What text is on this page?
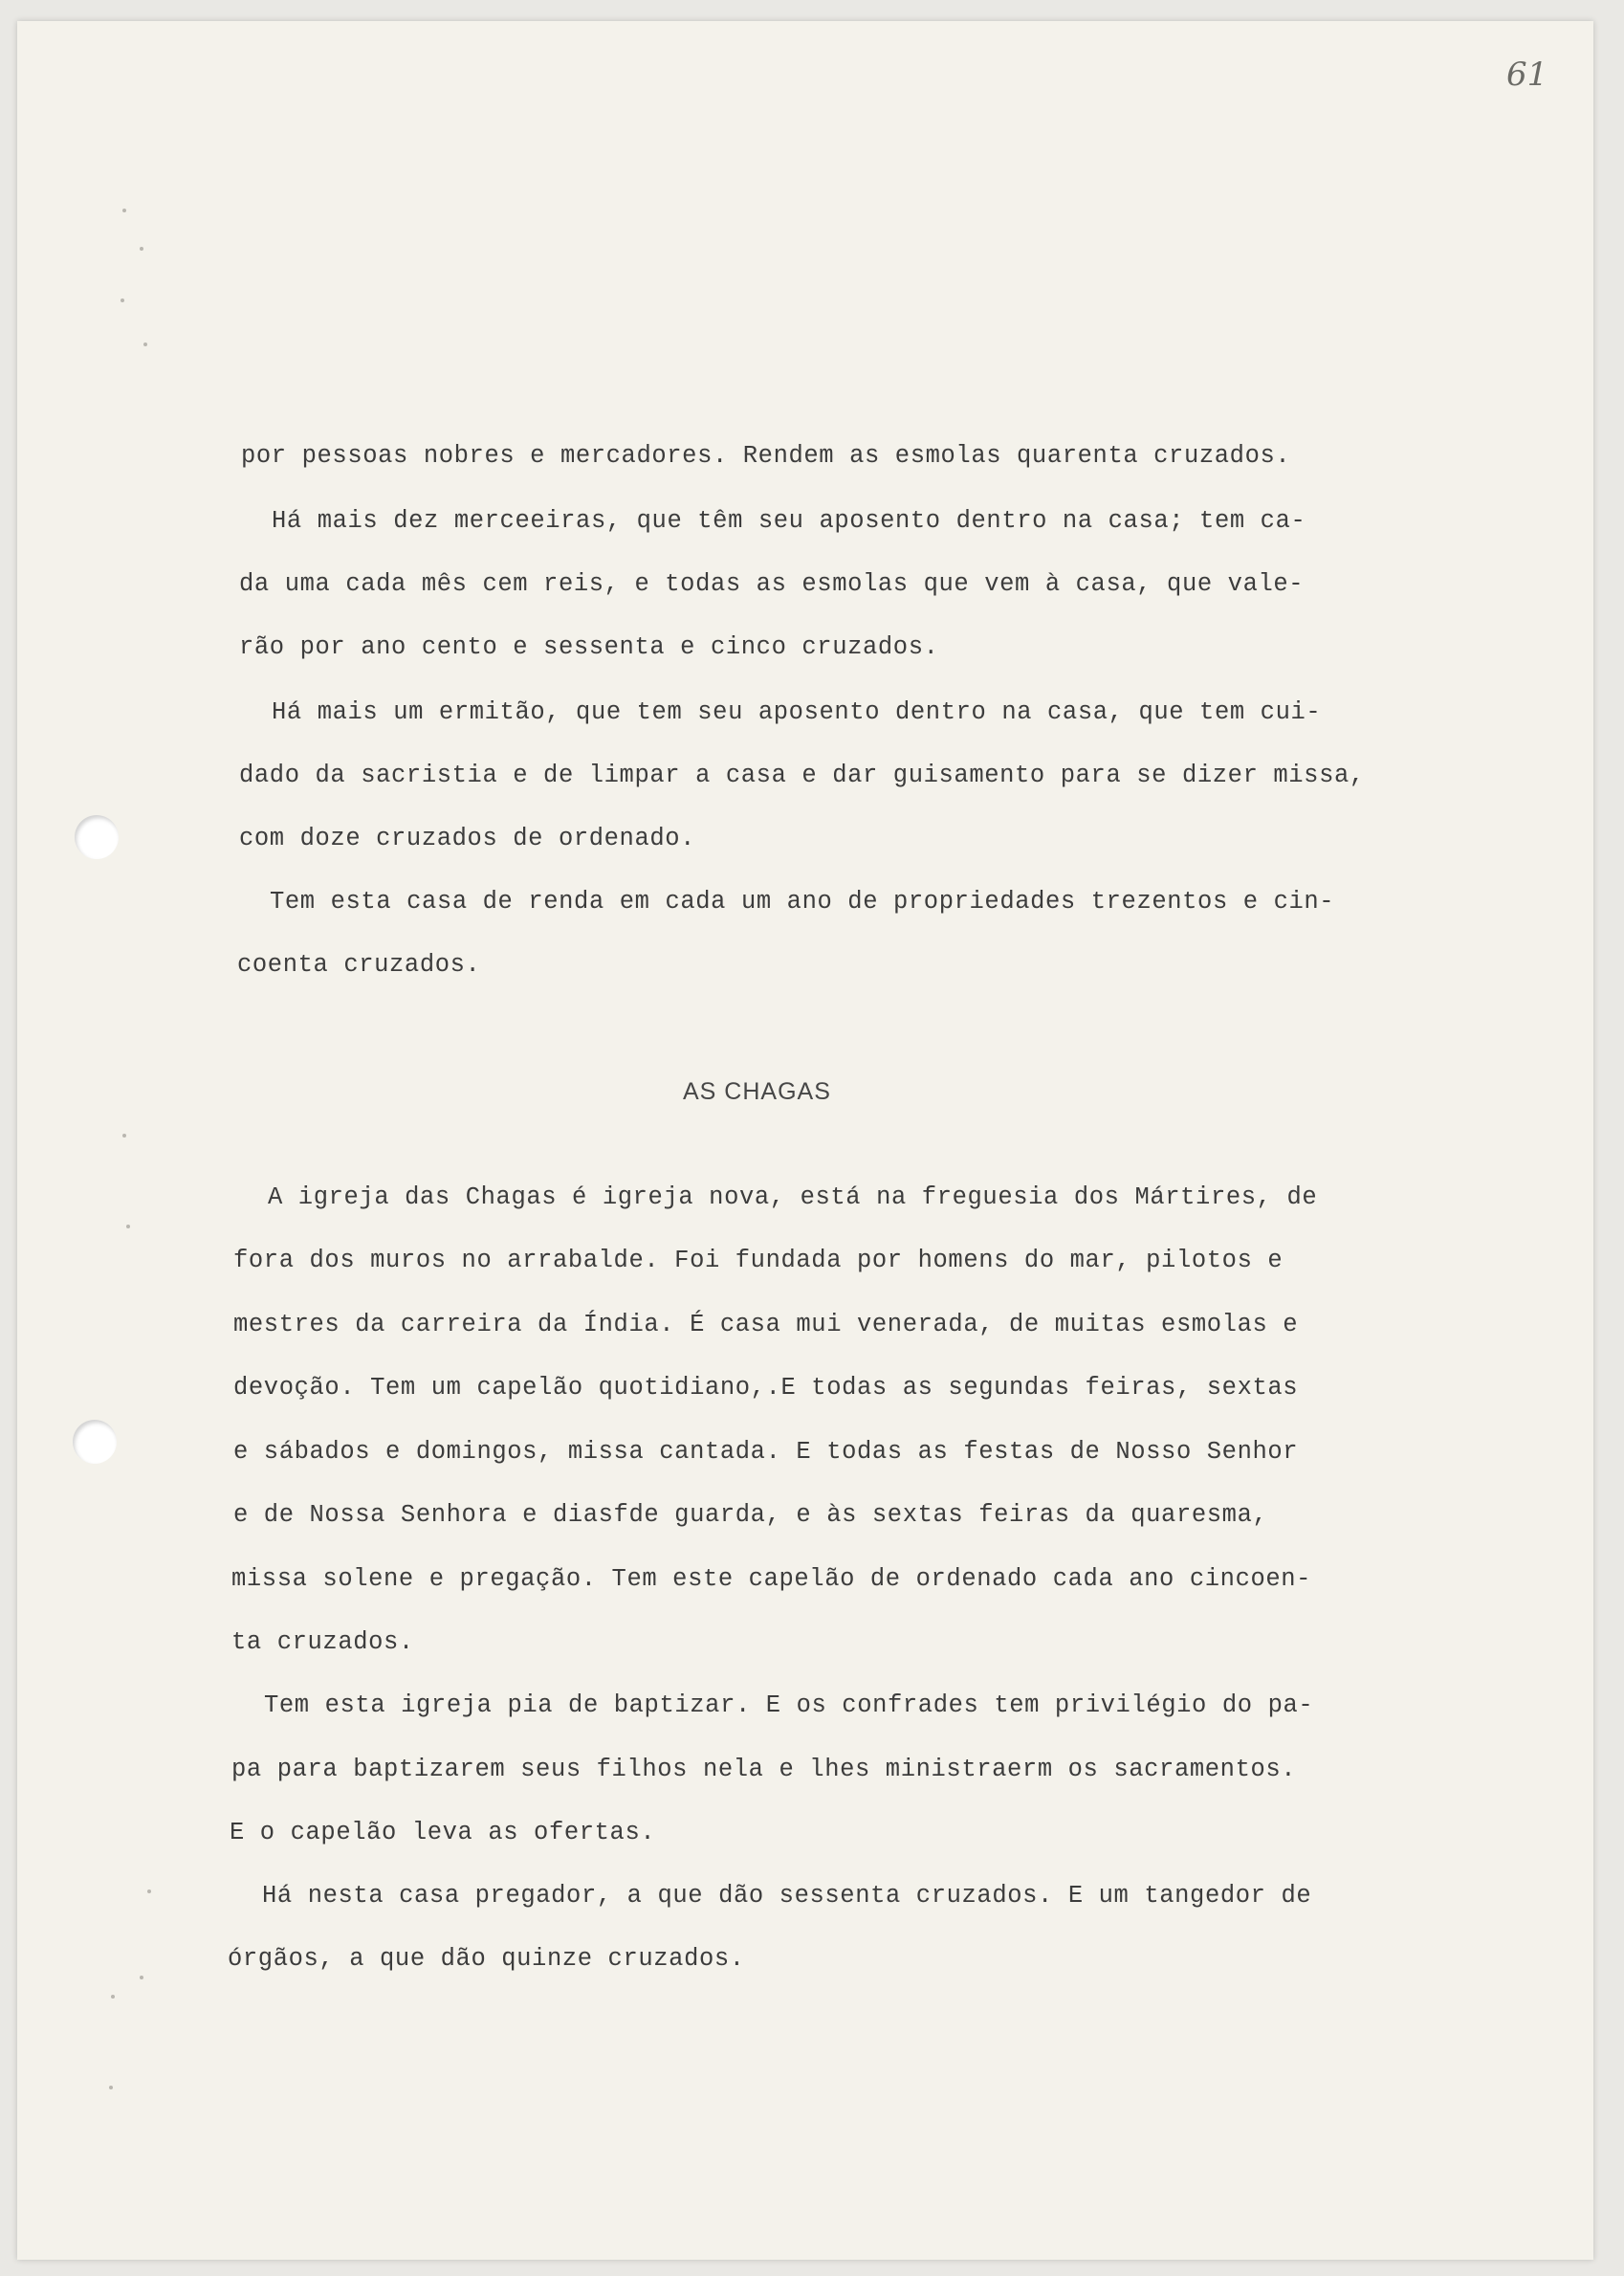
61
por pessoas nobres e mercadores. Rendem as esmolas quarenta cruzados.
Há mais dez merceeiras, que têm seu aposento dentro na casa; tem ca-
da uma cada mês cem reis, e todas as esmolas que vem à casa, que vale-
rão por ano cento e sessenta e cinco cruzados.
Há mais um ermitão, que tem seu aposento dentro na casa, que tem cui-
dado da sacristia e de limpar a casa e dar guisamento para se dizer missa,
com doze cruzados de ordenado.
Tem esta casa de renda em cada um ano de propriedades trezentos e cin-
coenta cruzados.
AS CHAGAS
A igreja das Chagas é igreja nova, está na freguesia dos Mártires, de
fora dos muros no arrabalde. Foi fundada por homens do mar, pilotos e
mestres da carreira da Índia. É casa mui venerada, de muitas esmolas e
devoção. Tem um capelão quotidiano,.E todas as segundas feiras, sextas
e sábados e domingos, missa cantada. E todas as festas de Nosso Senhor
e de Nossa Senhora e diasfde guarda, e às sextas feiras da quaresma,
missa solene e pregação. Tem este capelão de ordenado cada ano cincoen-
ta cruzados.
Tem esta igreja pia de baptizar. E os confrades tem privilégio do pa-
pa para baptizarem seus filhos nela e lhes ministraerm os sacramentos.
E o capelão leva as ofertas.
Há nesta casa pregador, a que dão sessenta cruzados. E um tangedor de
órgãos, a que dão quinze cruzados.
